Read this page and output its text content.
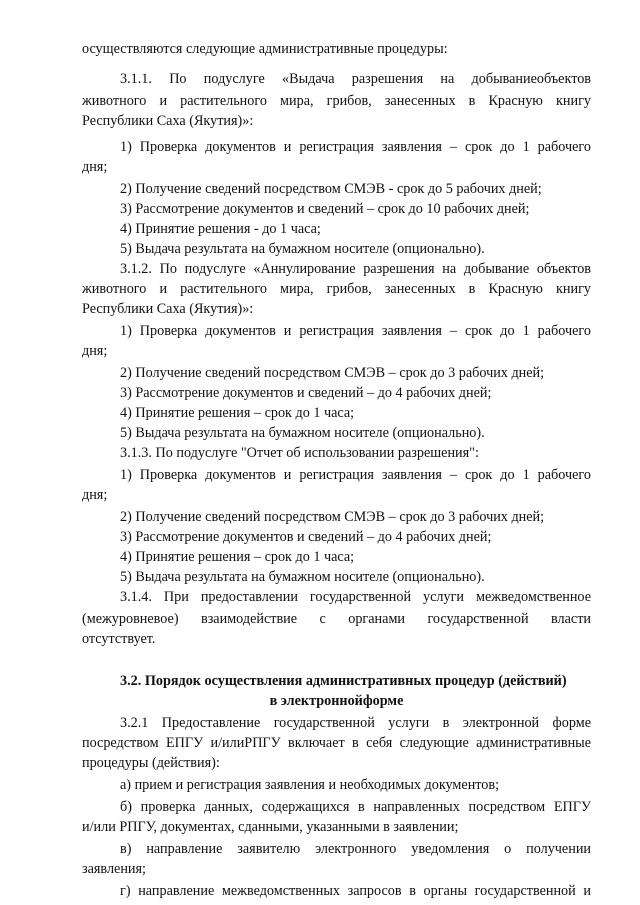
осуществляются следующие административные процедуры:
3.1.1. По подуслуге «Выдача разрешения на добываниеобъектов
животного и растительного мира, грибов, занесенных в Красную книгу
Республики Саха (Якутия)»:
1) Проверка документов и регистрация заявления – срок до 1 рабочего
дня;
2) Получение сведений посредством СМЭВ - срок до 5 рабочих дней;
3) Рассмотрение документов и сведений – срок до 10 рабочих дней;
4) Принятие решения - до 1 часа;
5) Выдача результата на бумажном носителе (опционально).
3.1.2. По подуслуге «Аннулирование разрешения на добывание объектов
животного и растительного мира, грибов, занесенных в Красную книгу
Республики Саха (Якутия)»:
1) Проверка документов и регистрация заявления – срок до 1 рабочего
дня;
2) Получение сведений посредством СМЭВ – срок до 3 рабочих дней;
3) Рассмотрение документов и сведений – до 4 рабочих дней;
4) Принятие решения – срок до 1 часа;
5) Выдача результата на бумажном носителе (опционально).
3.1.3. По подуслуге "Отчет об использовании разрешения":
1) Проверка документов и регистрация заявления – срок до 1 рабочего
дня;
2) Получение сведений посредством СМЭВ – срок до 3 рабочих дней;
3) Рассмотрение документов и сведений – до 4 рабочих дней;
4) Принятие решения – срок до 1 часа;
5) Выдача результата на бумажном носителе (опционально).
3.1.4. При предоставлении государственной услуги межведомственное
(межуровневое) взаимодействие с органами государственной власти
отсутствует.
3.2. Порядок осуществления административных процедур (действий)
в электроннойформе
3.2.1 Предоставление государственной услуги в электронной форме
посредством ЕПГУ и/илиРПГУ включает в себя следующие административные
процедуры (действия):
а) прием и регистрация заявления и необходимых документов;
б) проверка данных, содержащихся в направленных посредством ЕПГУ
и/или РПГУ, документах, сданными, указанными в заявлении;
в) направление заявителю электронного уведомления о получении
заявления;
г) направление межведомственных запросов в органы государственной и
